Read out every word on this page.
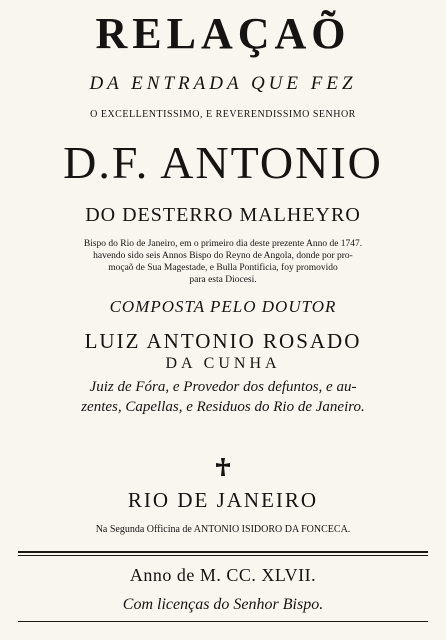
RELAÇAÕ
DA ENTRADA QUE FEZ
O EXCELLENTISSIMO, E REVERENDISSIMO SENHOR
D.F. ANTONIO
DO DESTERRO MALHEYRO
Bispo do Rio de Janeiro, em o primeiro dia deste prezente Anno de 1747.
havendo sido seis Annos Bispo do Reyno de Angola, donde por pro-
moçaõ de Sua Magestade, e Bulla Pontificia, foy promovido
para esta Diocesi.
COMPOSTA PELO DOUTOR
LUIZ ANTONIO ROSADO
DA CUNHA
Juiz de Fóra, e Provedor dos defuntos, e au-
zentes, Capellas, e Residuos do Rio de Janeiro.
RIO DE JANEIRO
Na Segunda Officina de ANTONIO ISIDORO DA FONCECA.
Anno de M. CC. XLVII.
Com licenças do Senhor Bispo.
